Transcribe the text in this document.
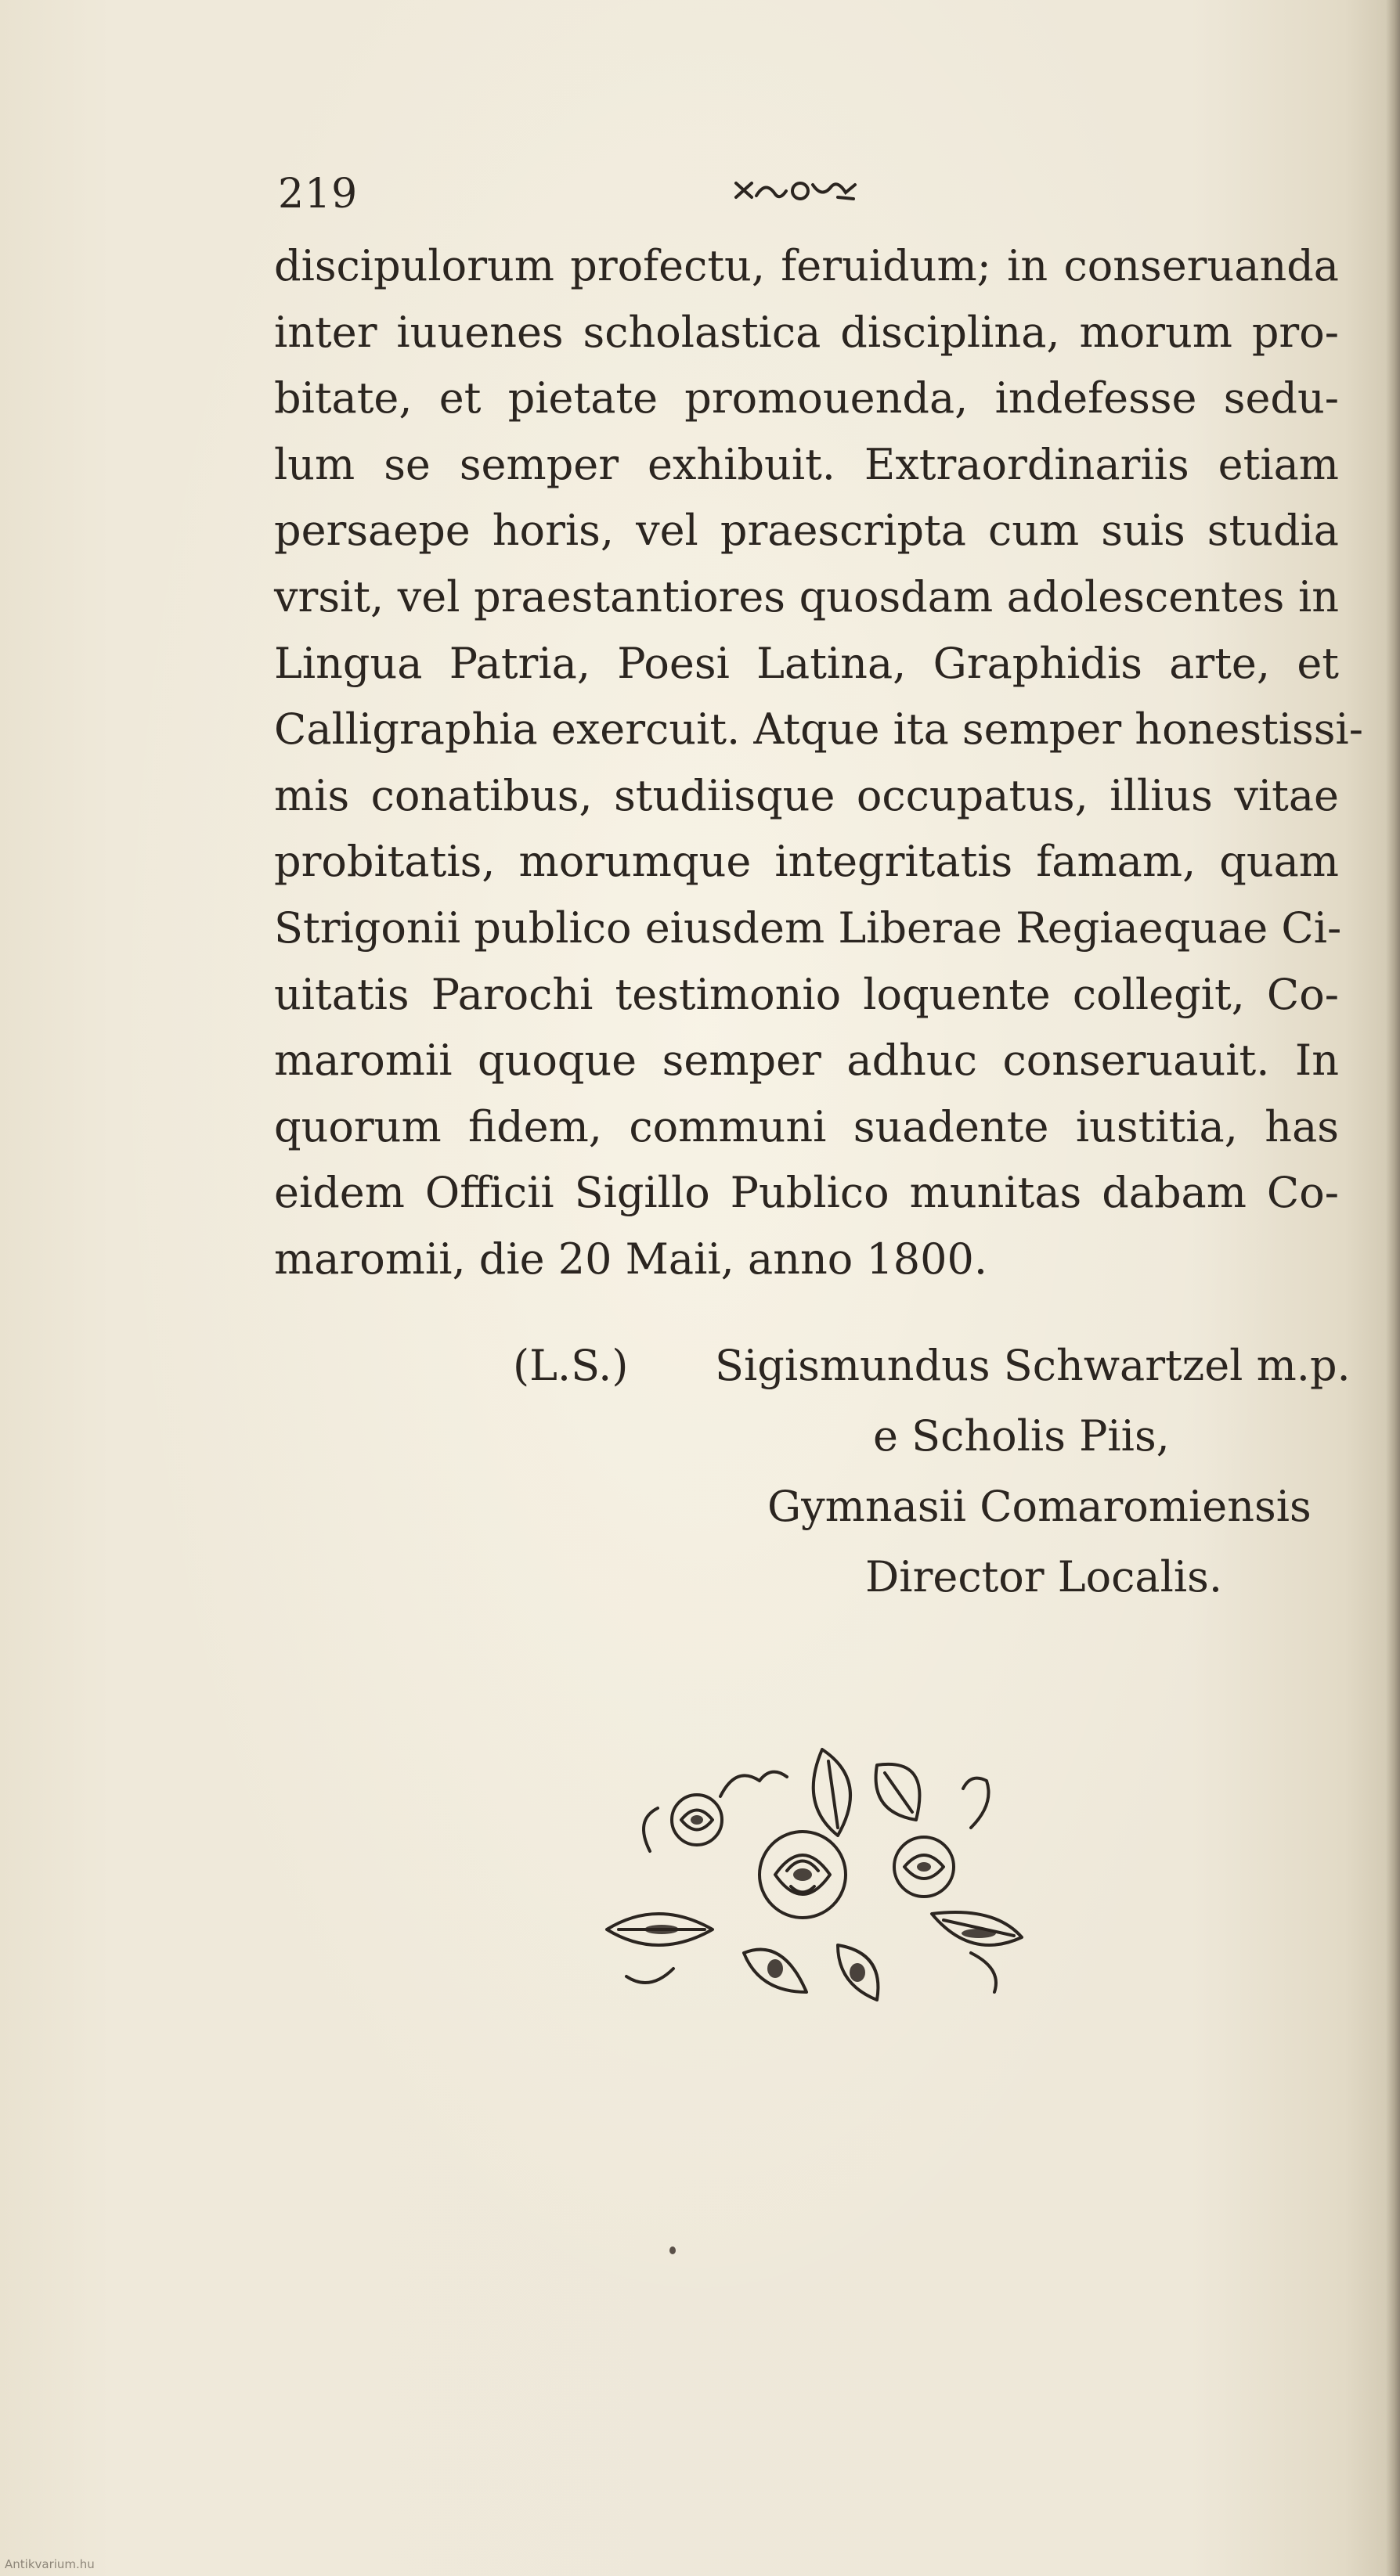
219
discipulorum profectu, feruidum; in conseruanda
inter iuuenes scholastica disciplina, morum pro-
bitate, et pietate promouenda, indefesse sedu-
lum se semper exhibuit. Extraordinariis etiam
persaepe horis, vel praescripta cum suis studia
vrsit, vel praestantiores quosdam adolescentes in
Lingua Patria, Poesi Latina, Graphidis arte, et
Calligraphia exercuit. Atque ita semper honestissi-
mis conatibus, studiisque occupatus, illius vitae
probitatis, morumque integritatis famam, quam
Strigonii publico eiusdem Liberae Regiaequae Ci-
uitatis Parochi testimonio loquente collegit, Co-
maromii quoque semper adhuc conseruauit. In
quorum fidem, communi suadente iustitia, has
eidem Officii Sigillo Publico munitas dabam Co-
maromii, die 20 Maii, anno 1800.
(L.S.) Sigismundus Schwartzel m.p.
e Scholis Piis,
Gymnasii Comaromiensis
Director Localis.
Antikvarium.hu
